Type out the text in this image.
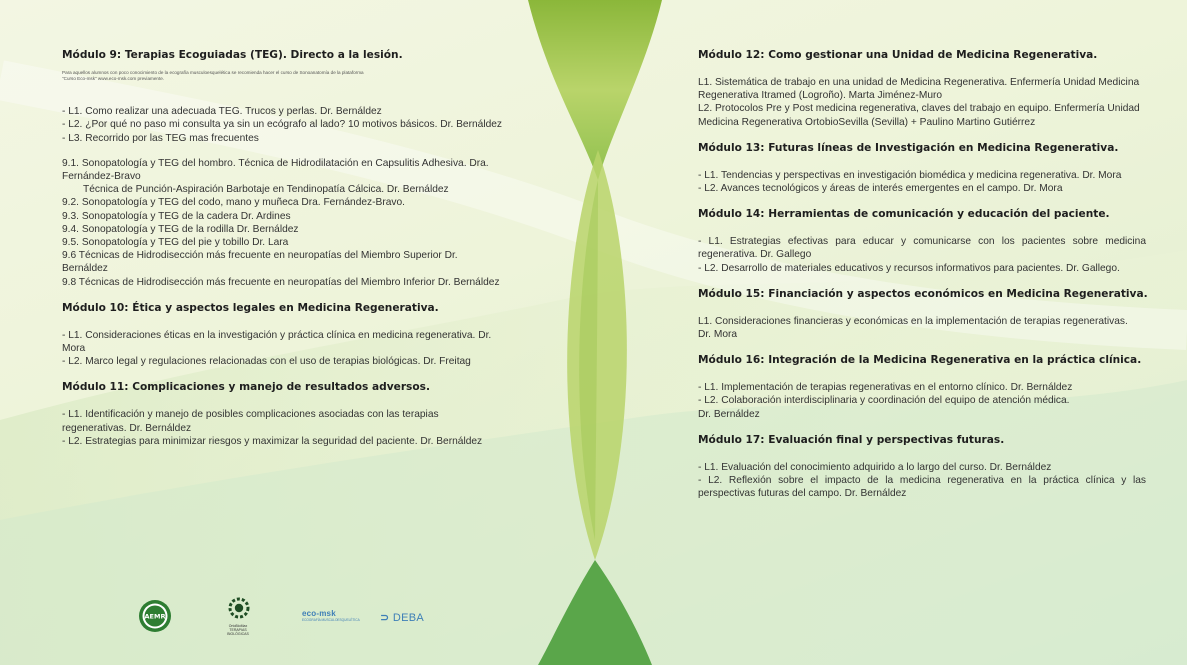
Módulo 9: Terapias Ecoguiadas (TEG). Directo a la lesión.
Para aquellos alumnos con poco conocimiento de la ecografía musculoesquelética se recomienda hacer el curso de Sonoanatomía de la plataforma
"Curso Eco-msk" www.eco-msk.com previamente.

- L1. Como realizar una adecuada TEG. Trucos y perlas. Dr. Bernáldez

- L2. ¿Por qué no paso mi consulta ya sin un ecógrafo al lado? 10 motivos básicos. Dr. Bernáldez

- L3. Recorrido por las TEG mas frecuentes

9.1. Sonopatología y TEG del hombro. Técnica de Hidrodilatación en Capsulitis Adhesiva. Dra. Fernández-Bravo

Técnica de Punción-Aspiración Barbotaje en Tendinopatía Cálcica. Dr. Bernáldez

9.2. Sonopatología y TEG del codo, mano y muñeca Dra. Fernández-Bravo.

9.3. Sonopatología y TEG de la cadera Dr. Ardines

9.4. Sonopatología y TEG de la rodilla Dr. Bernáldez

9.5. Sonopatología y TEG del pie y tobillo Dr. Lara

9.6 Técnicas de Hidrodisección más frecuente en neuropatías del Miembro Superior Dr. Bernáldez

9.8 Técnicas de Hidrodisección más frecuente en neuropatías del Miembro Inferior Dr. Bernáldez

Módulo 10: Ética y aspectos legales en Medicina Regenerativa.

- L1. Consideraciones éticas en la investigación y práctica clínica en medicina regenerativa. Dr. Mora

- L2. Marco legal y regulaciones relacionadas con el uso de terapias biológicas. Dr. Freitag

Módulo 11: Complicaciones y manejo de resultados adversos.

- L1. Identificación y manejo de posibles complicaciones asociadas con las terapias regenerativas. Dr. Bernáldez

- L2. Estrategias para minimizar riesgos y maximizar la seguridad del paciente. Dr. Bernáldez

Módulo 12: Como gestionar una Unidad de Medicina Regenerativa.

L1. Sistemática de trabajo en una unidad de Medicina Regenerativa. Enfermería Unidad Medicina Regenerativa Itramed (Logroño). Marta Jiménez-Muro

L2. Protocolos Pre y Post medicina regenerativa, claves del trabajo en equipo. Enfermería Unidad Medicina Regenerativa OrtobioSevilla (Sevilla) + Paulino Martino Gutiérrez

Módulo 13: Futuras líneas de Investigación en Medicina Regenerativa.

- L1. Tendencias y perspectivas en investigación biomédica y medicina regenerativa. Dr. Mora

- L2. Avances tecnológicos y áreas de interés emergentes en el campo. Dr. Mora

Módulo 14: Herramientas de comunicación y educación del paciente.

- L1. Estrategias efectivas para educar y comunicarse con los pacientes sobre medicina regenerativa. Dr. Gallego

- L2. Desarrollo de materiales educativos y recursos informativos para pacientes. Dr. Gallego.

Módulo 15: Financiación y aspectos económicos en Medicina Regenerativa.

L1. Consideraciones financieras y económicas en la implementación de terapias regenerativas.

Dr. Mora

Módulo 16: Integración de la Medicina Regenerativa en la práctica clínica.

- L1. Implementación de terapias regenerativas en el entorno clínico. Dr. Bernáldez

- L2. Colaboración interdisciplinaria y coordinación del equipo de atención médica.

Dr. Bernáldez

Módulo 17: Evaluación final y perspectivas futuras.

- L1. Evaluación del conocimiento adquirido a lo largo del curso. Dr. Bernáldez

- L2. Reflexión sobre el impacto de la medicina regenerativa en la práctica clínica y las perspectivas futuras del campo. Dr. Bernáldez

AEMR
OrtoBioMax
TERAPIAS BIOLÓGICAS
eco-msk
ECOGRAFÍA MUSCULOESQUELÉTICA ⊃ DEBA
